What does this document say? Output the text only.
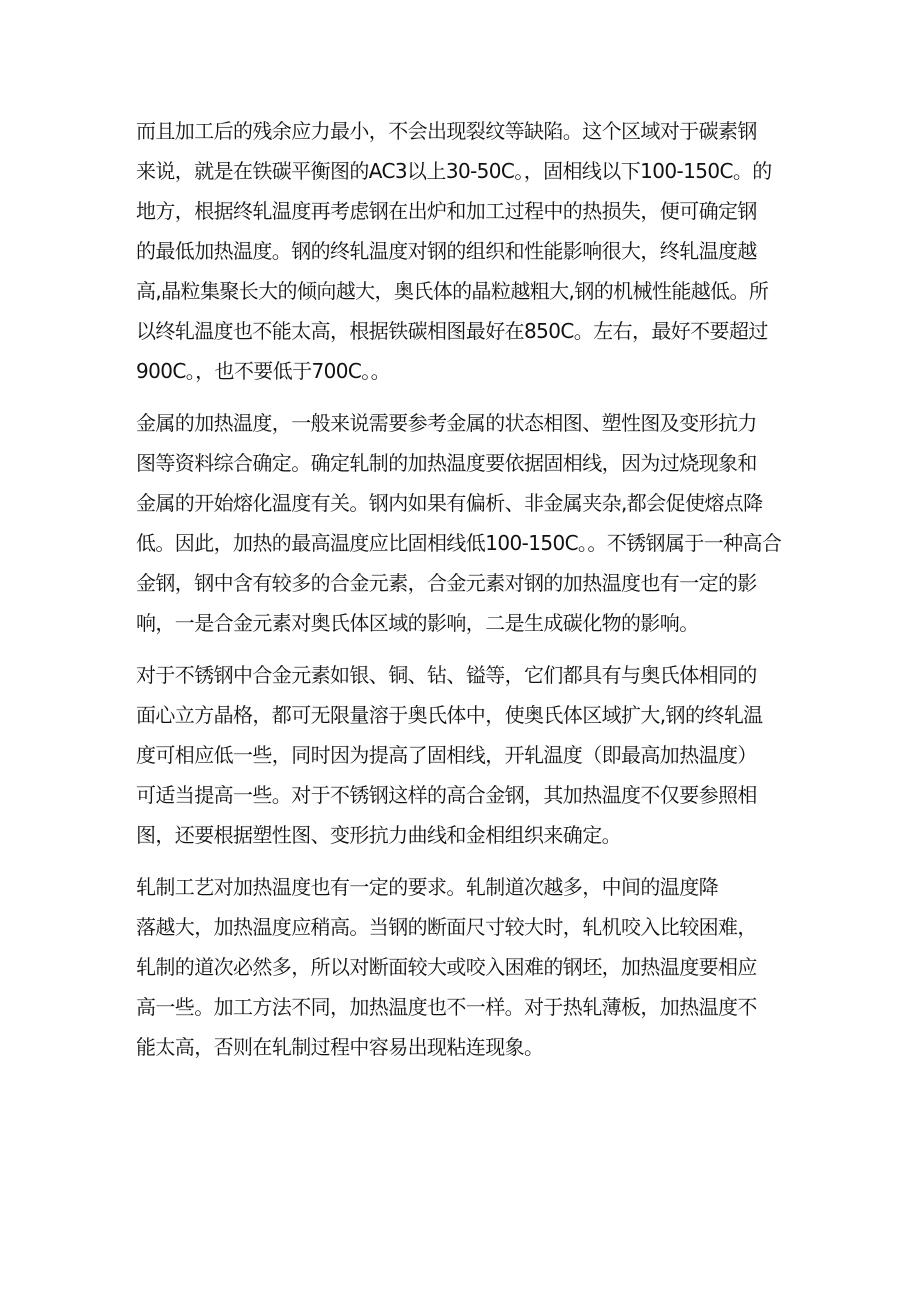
而且加工后的残余应力最小，不会出现裂纹等缺陷。这个区域对于碳素钢
来说，就是在铁碳平衡图的AC3以上30-50C。，固相线以下100-150C。的
地方，根据终轧温度再考虑钢在出炉和加工过程中的热损失，便可确定钢
的最低加热温度。钢的终轧温度对钢的组织和性能影响很大，终轧温度越
高,晶粒集聚长大的倾向越大，奥氏体的晶粒越粗大,钢的机械性能越低。所
以终轧温度也不能太高，根据铁碳相图最好在850C。左右，最好不要超过
900C。，也不要低于700C。。

金属的加热温度，一般来说需要参考金属的状态相图、塑性图及变形抗力
图等资料综合确定。确定轧制的加热温度要依据固相线，因为过烧现象和
金属的开始熔化温度有关。钢内如果有偏析、非金属夹杂,都会促使熔点降
低。因此，加热的最高温度应比固相线低100-150C。。不锈钢属于一种高合
金钢，钢中含有较多的合金元素，合金元素对钢的加热温度也有一定的影
响，一是合金元素对奥氏体区域的影响，二是生成碳化物的影响。

对于不锈钢中合金元素如银、铜、钻、镒等，它们都具有与奥氏体相同的
面心立方晶格，都可无限量溶于奥氏体中，使奥氏体区域扩大,钢的终轧温
度可相应低一些，同时因为提高了固相线，开轧温度（即最高加热温度）
可适当提高一些。对于不锈钢这样的高合金钢，其加热温度不仅要参照相
图，还要根据塑性图、变形抗力曲线和金相组织来确定。

轧制工艺对加热温度也有一定的要求。轧制道次越多，中间的温度降
落越大，加热温度应稍高。当钢的断面尺寸较大时，轧机咬入比较困难，
轧制的道次必然多，所以对断面较大或咬入困难的钢坯，加热温度要相应
高一些。加工方法不同，加热温度也不一样。对于热轧薄板，加热温度不
能太高，否则在轧制过程中容易出现粘连现象。
